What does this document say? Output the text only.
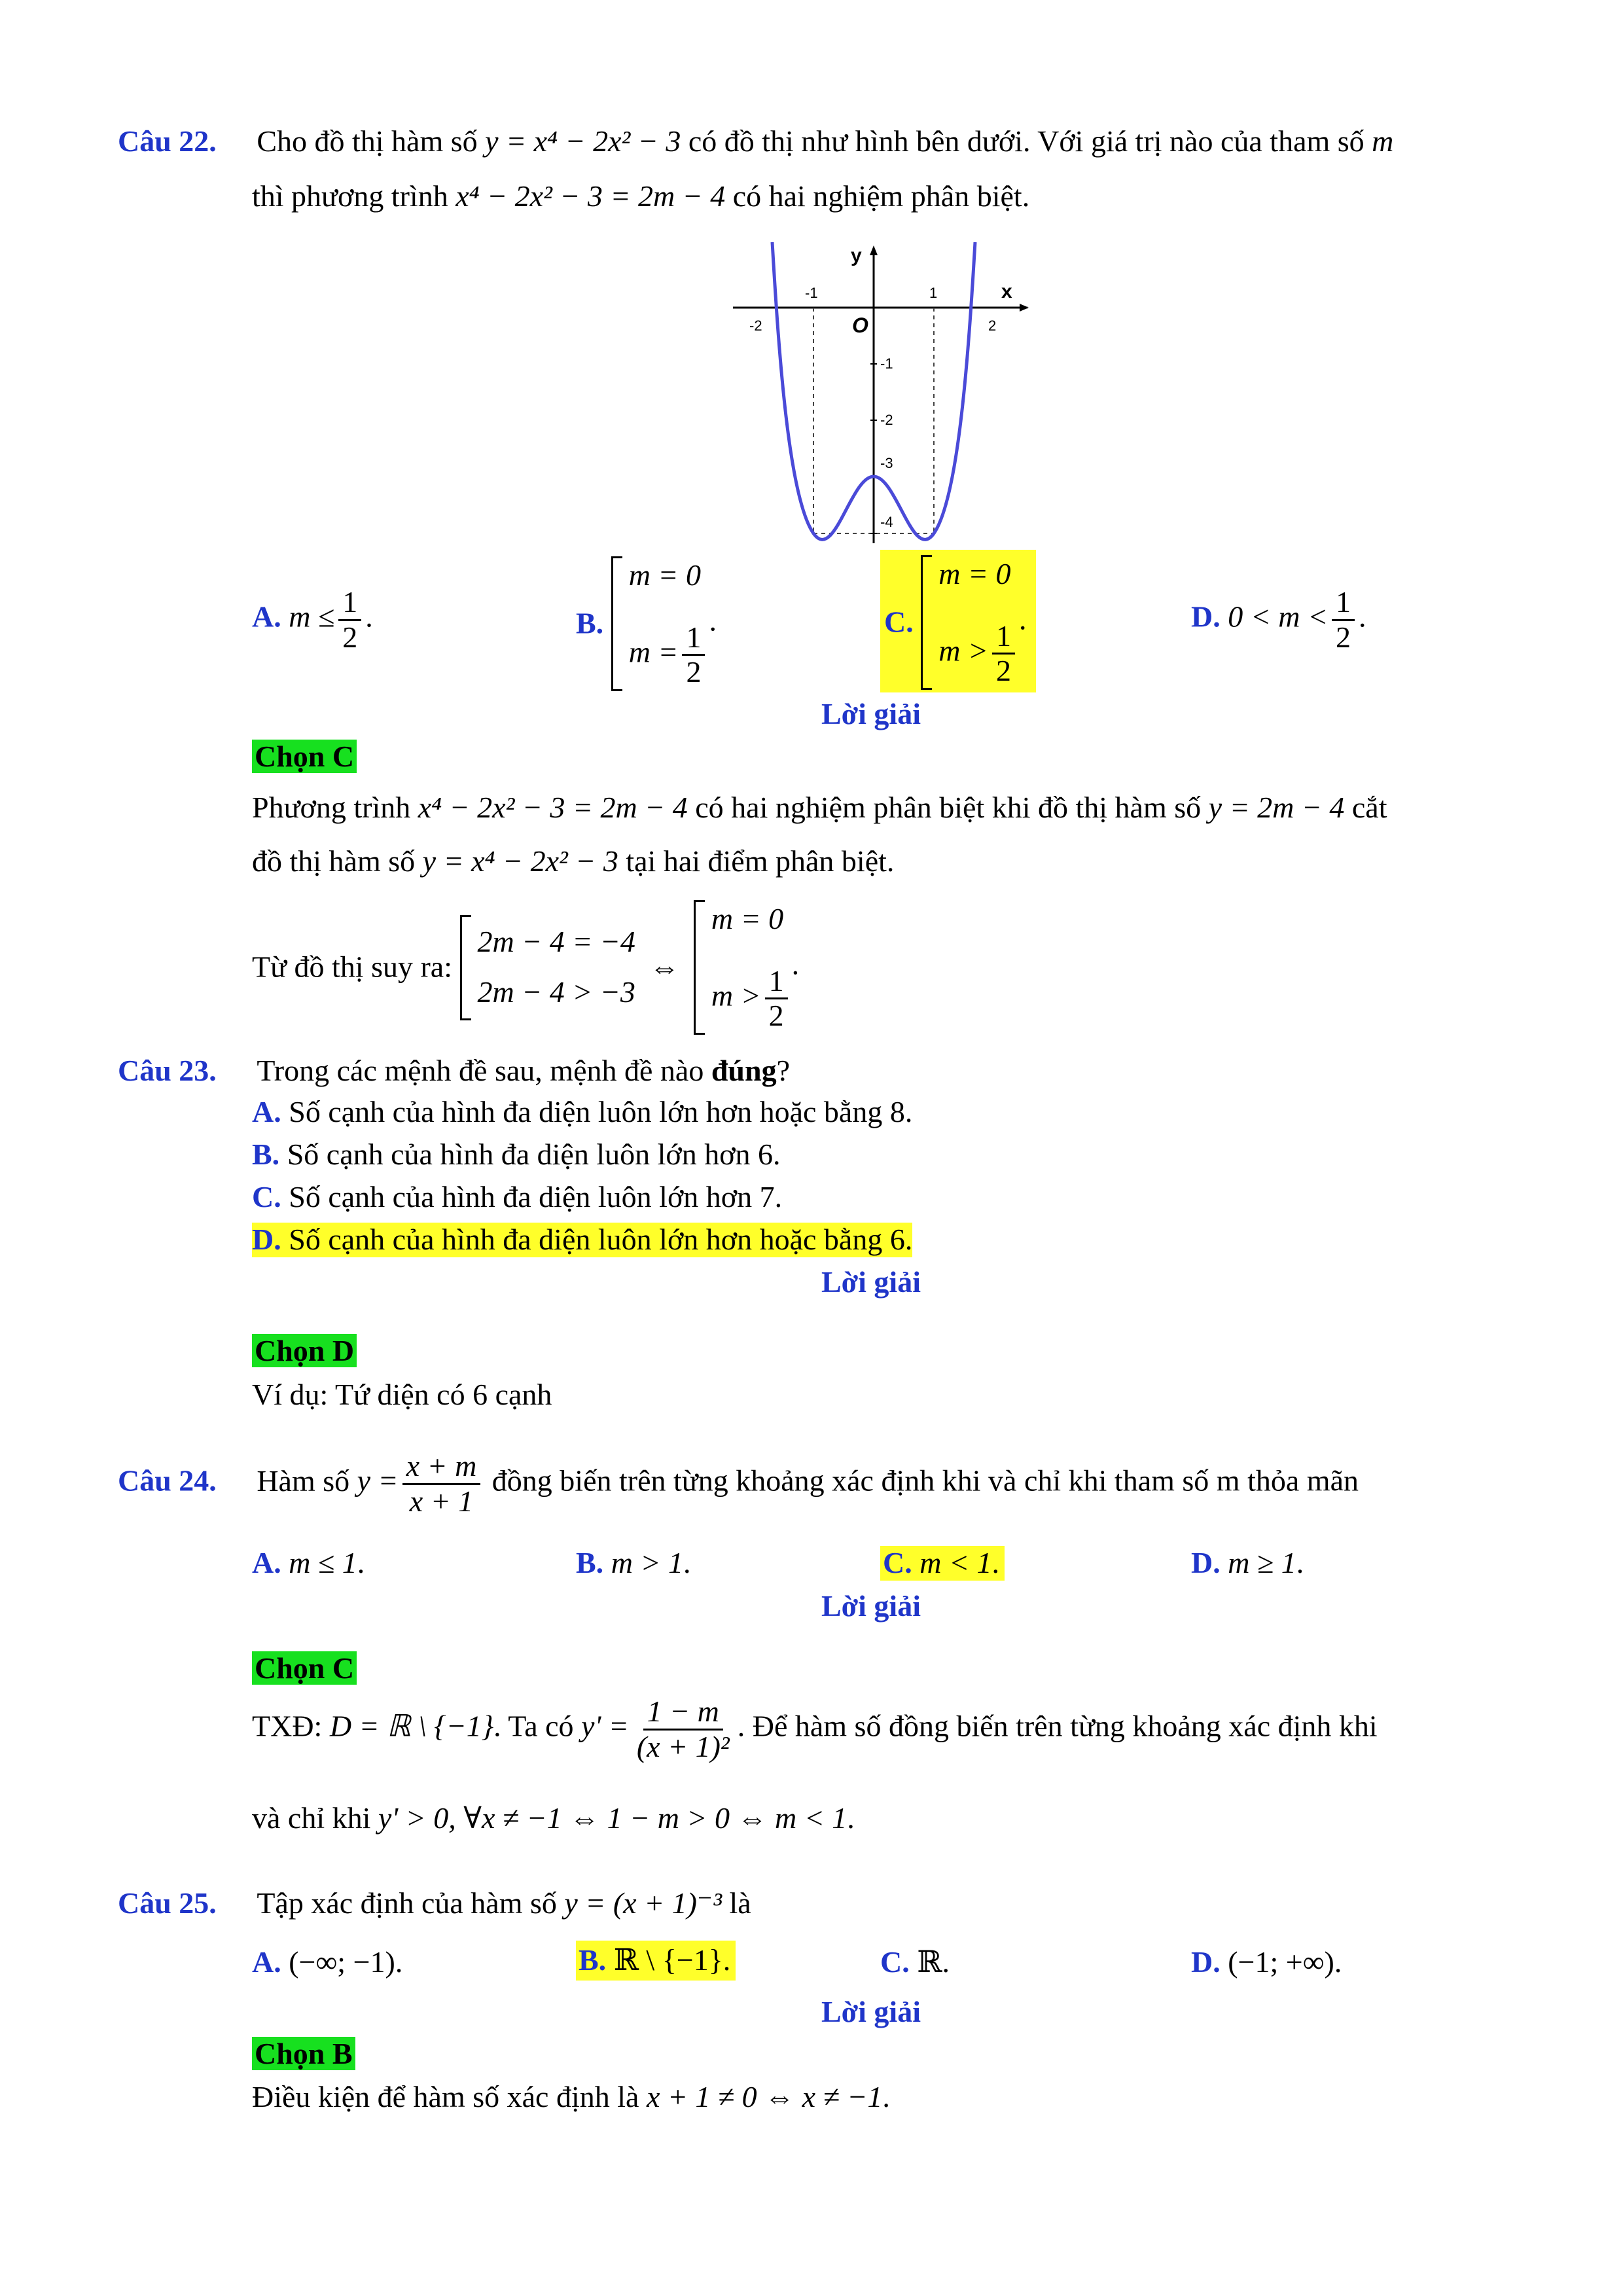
Câu 22. Cho đồ thị hàm số y = x⁴ − 2x² − 3 có đồ thị như hình bên dưới. Với giá trị nào của tham số m
thì phương trình x⁴ − 2x² − 3 = 2m − 4 có hai nghiệm phân biệt.
y
x
O
-2
-1	1
2
-1
-2
-3
-4
A. $m \le \frac{1}{2}$ .	B.
m = 0
$m = \frac{1}{2}$
.	C.
m = 0
$m > \frac{1}{2}$
.	D. $0 < m < \frac{1}{2}$ .
Lời giải
Chọn C
Phương trình x⁴ − 2x² − 3 = 2m − 4 có hai nghiệm phân biệt khi đồ thị hàm số y = 2m − 4 cắt
đồ thị hàm số y = x⁴ − 2x² − 3 tại hai điểm phân biệt.
Từ đồ thị suy ra:
2m − 4 = −4
2m − 4 > −3
⇔
m = 0
$m > \frac{1}{2}$
.
Câu 23. Trong các mệnh đề sau, mệnh đề nào đúng?
A. Số cạnh của hình đa diện luôn lớn hơn hoặc bằng 8.
B. Số cạnh của hình đa diện luôn lớn hơn 6.
C. Số cạnh của hình đa diện luôn lớn hơn 7.
D. Số cạnh của hình đa diện luôn lớn hơn hoặc bằng 6.
Lời giải
Chọn D
Ví dụ: Tứ diện có 6 cạnh
Câu 24. Hàm số $y = \frac{x + m}{x + 1}$ đồng biến trên từng khoảng xác định khi và chỉ khi tham số m thỏa mãn
A. m ≤ 1.	B. m > 1.	C. m < 1.	D. m ≥ 1.
Lời giải
Chọn C
TXĐ: D = ℝ \ {−1}. Ta có $y' = \frac{1 - m}{\text{(x + 1)²}}$ . Để hàm số đồng biến trên từng khoảng xác định khi
và chỉ khi y' > 0, ∀x ≠ −1 ⇔ 1 − m > 0 ⇔ m < 1.
Câu 25. Tập xác định của hàm số y = (x + 1)⁻³ là
A. (−∞; −1).	B. ℝ \ {−1}.	C. ℝ.	D. (−1; +∞).
Lời giải
Chọn B
Điều kiện để hàm số xác định là x + 1 ≠ 0 ⇔ x ≠ −1.
